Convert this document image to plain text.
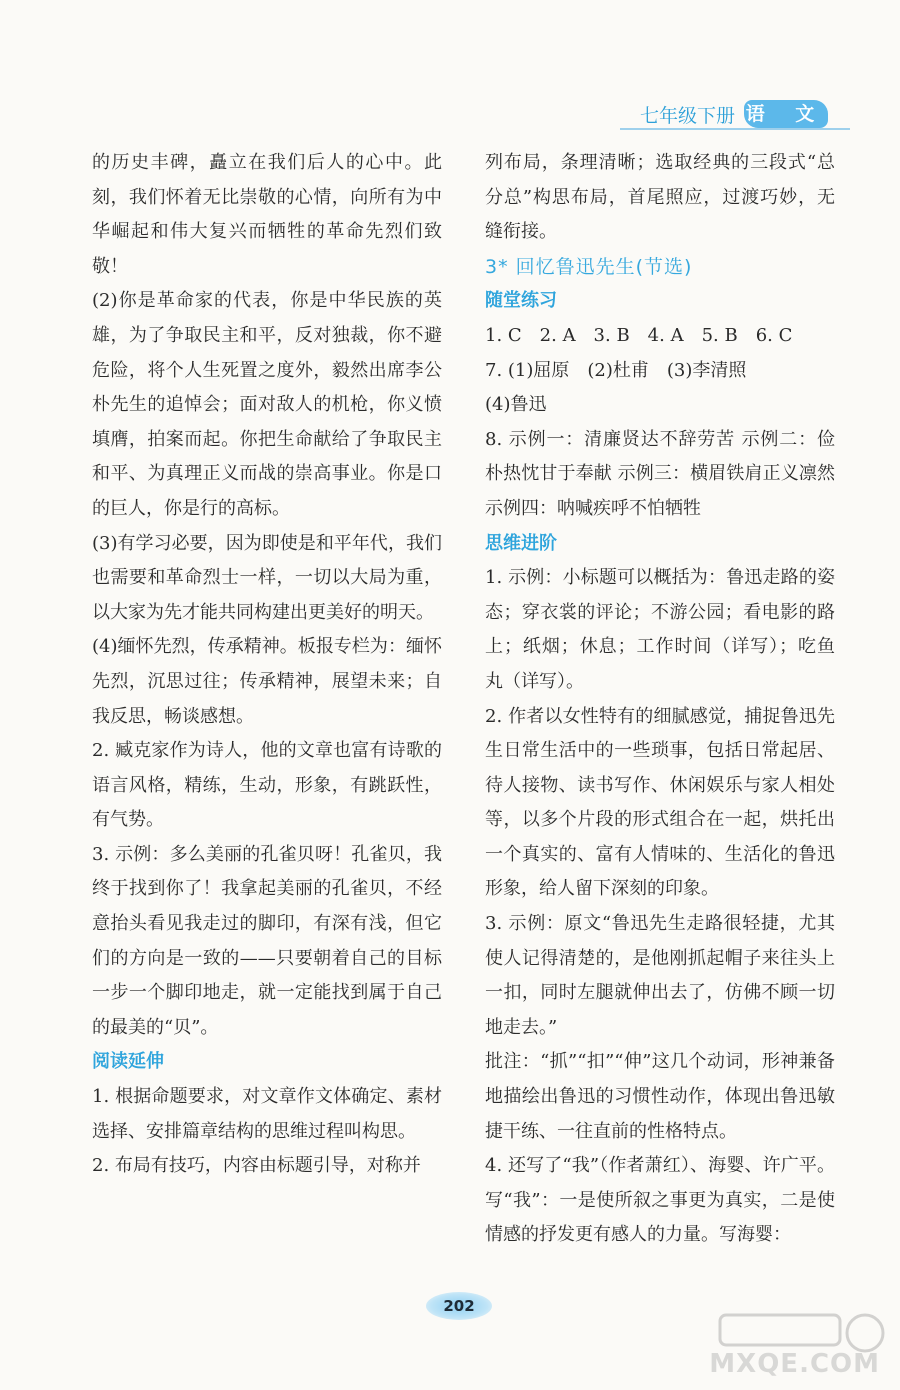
七年级下册 语 文

的历史丰碑，矗立在我们后人的心中。此刻，我们怀着无比崇敬的心情，向所有为中华崛起和伟大复兴而牺牲的革命先烈们致敬！

(2)你是革命家的代表，你是中华民族的英雄，为了争取民主和平，反对独裁，你不避危险，将个人生死置之度外，毅然出席李公朴先生的追悼会；面对敌人的机枪，你义愤填膺，拍案而起。你把生命献给了争取民主和平、为真理正义而战的崇高事业。你是口的巨人，你是行的高标。

(3)有学习必要，因为即使是和平年代，我们也需要和革命烈士一样，一切以大局为重，以大家为先才能共同构建出更美好的明天。

(4)缅怀先烈，传承精神。板报专栏为：缅怀先烈，沉思过往；传承精神，展望未来；自我反思，畅谈感想。

2. 臧克家作为诗人，他的文章也富有诗歌的语言风格，精练，生动，形象，有跳跃性，有气势。

3. 示例：多么美丽的孔雀贝呀！孔雀贝，我终于找到你了！我拿起美丽的孔雀贝，不经意抬头看见我走过的脚印，有深有浅，但它们的方向是一致的——只要朝着自己的目标一步一个脚印地走，就一定能找到属于自己的最美的“贝”。

阅读延伸

1. 根据命题要求，对文章作文体确定、素材选择、安排篇章结构的思维过程叫构思。

2. 布局有技巧，内容由标题引导，对称并

列布局，条理清晰；选取经典的三段式“总分总”构思布局，首尾照应，过渡巧妙，无缝衔接。

3* 回忆鲁迅先生(节选)

随堂练习

1. C　2. A　3. B　4. A　5. B　6. C

7. (1)屈原　(2)杜甫　(3)李清照

(4)鲁迅

8. 示例一：清廉贤达不辞劳苦 示例二：俭朴热忱甘于奉献 示例三：横眉铁肩正义凛然　示例四：呐喊疾呼不怕牺牲

思维进阶

1. 示例：小标题可以概括为：鲁迅走路的姿态；穿衣裳的评论；不游公园；看电影的路上；纸烟；休息；工作时间（详写）；吃鱼丸（详写）。

2. 作者以女性特有的细腻感觉，捕捉鲁迅先生日常生活中的一些琐事，包括日常起居、待人接物、读书写作、休闲娱乐与家人相处等，以多个片段的形式组合在一起，烘托出一个真实的、富有人情味的、生活化的鲁迅形象，给人留下深刻的印象。

3. 示例：原文“鲁迅先生走路很轻捷，尤其使人记得清楚的，是他刚抓起帽子来往头上一扣，同时左腿就伸出去了，仿佛不顾一切地走去。”

批注：“抓”“扣”“伸”这几个动词，形神兼备地描绘出鲁迅的习惯性动作，体现出鲁迅敏捷干练、一往直前的性格特点。

4. 还写了“我”（作者萧红）、海婴、许广平。写“我”：一是使所叙之事更为真实，二是使情感的抒发更有感人的力量。写海婴：

202
MXQE.COM
